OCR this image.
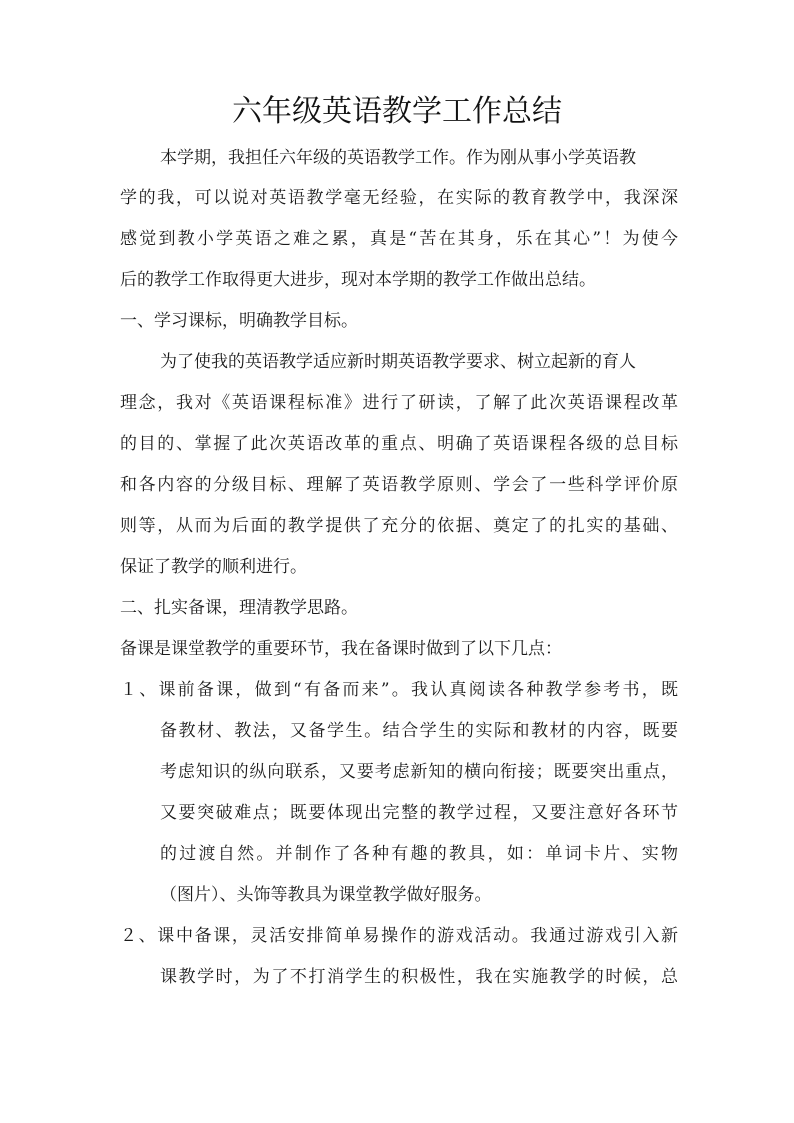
六年级英语教学工作总结
本学期，我担任六年级的英语教学工作。作为刚从事小学英语教
学的我，可以说对英语教学毫无经验，在实际的教育教学中，我深深
感觉到教小学英语之难之累，真是“苦在其身，乐在其心”！为使今
后的教学工作取得更大进步，现对本学期的教学工作做出总结。
一、学习课标，明确教学目标。
为了使我的英语教学适应新时期英语教学要求、树立起新的育人
理念，我对《英语课程标准》进行了研读，了解了此次英语课程改革
的目的、掌握了此次英语改革的重点、明确了英语课程各级的总目标
和各内容的分级目标、理解了英语教学原则、学会了一些科学评价原
则等，从而为后面的教学提供了充分的依据、奠定了的扎实的基础、
保证了教学的顺利进行。
二、扎实备课，理清教学思路。
备课是课堂教学的重要环节，我在备课时做到了以下几点：
１、课前备课，做到“有备而来”。我认真阅读各种教学参考书，既
备教材、教法，又备学生。结合学生的实际和教材的内容，既要
考虑知识的纵向联系，又要考虑新知的横向衔接；既要突出重点，
又要突破难点；既要体现出完整的教学过程，又要注意好各环节
的过渡自然。并制作了各种有趣的教具，如：单词卡片、实物
（图片）、头饰等教具为课堂教学做好服务。
２、课中备课，灵活安排简单易操作的游戏活动。我通过游戏引入新
课教学时，为了不打消学生的积极性，我在实施教学的时候，总
